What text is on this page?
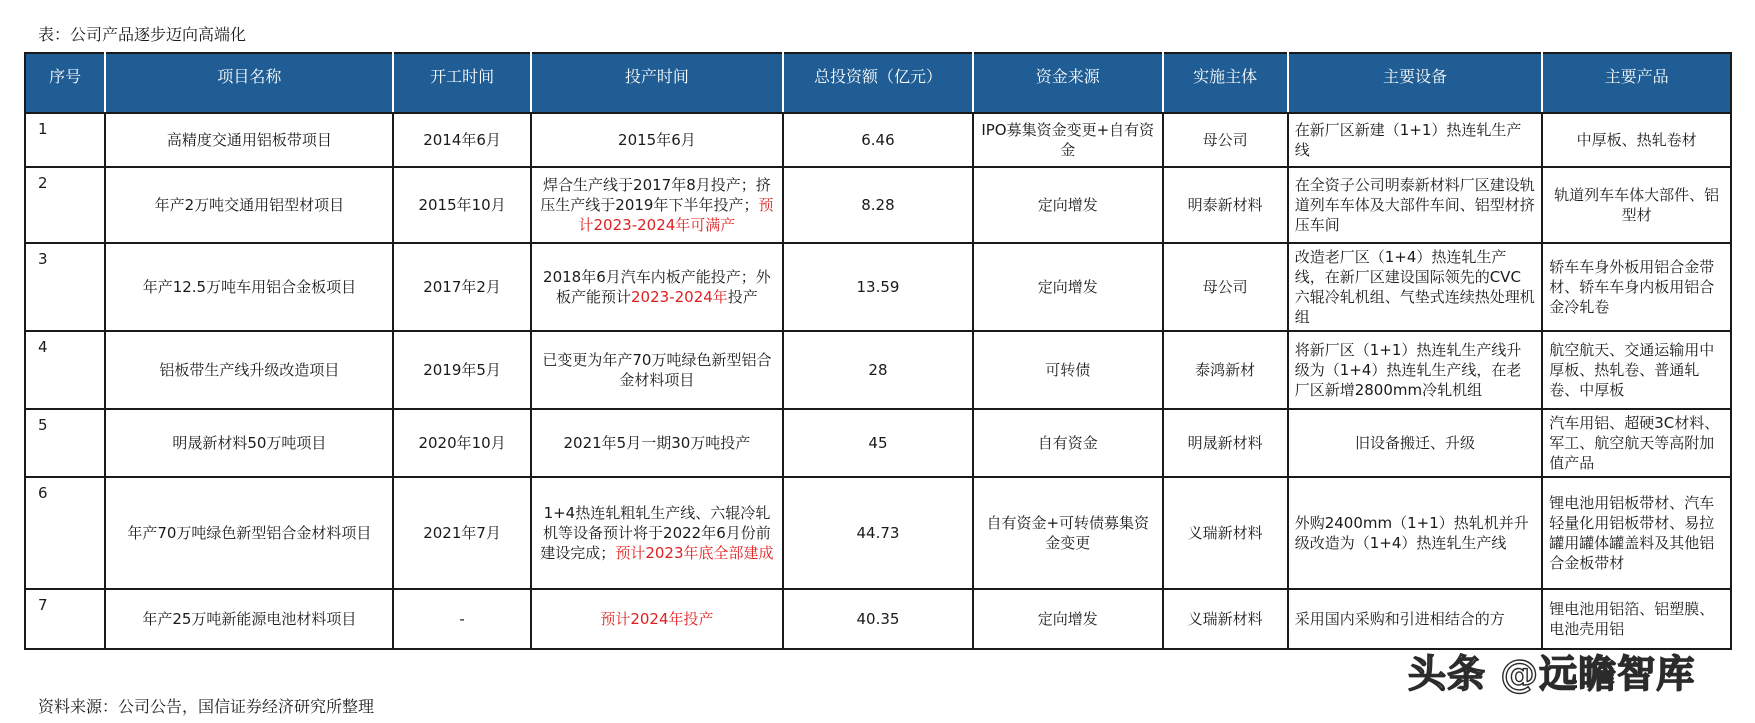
表：公司产品逐步迈向高端化
序号	项目名称	开工时间	投产时间	总投资额（亿元）	资金来源	实施主体	主要设备	主要产品
1	高精度交通用铝板带项目	2014年6月	2015年6月	6.46	IPO募集资金变更+自有资金	母公司	在新厂区新建（1+1）热连轧生产线	中厚板、热轧卷材
2	年产2万吨交通用铝型材项目	2015年10月	焊合生产线于2017年8月投产；挤压生产线于2019年下半年投产；预计2023-2024年可满产	8.28	定向增发	明泰新材料	在全资子公司明泰新材料厂区建设轨道列车车体及大部件车间、铝型材挤压车间	轨道列车车体大部件、铝型材
3	年产12.5万吨车用铝合金板项目	2017年2月	2018年6月汽车内板产能投产；外板产能预计2023-2024年投产	13.59	定向增发	母公司	改造老厂区（1+4）热连轧生产线，在新厂区建设国际领先的CVC六辊冷轧机组、气垫式连续热处理机组	轿车车身外板用铝合金带材、轿车车身内板用铝合金冷轧卷
4	铝板带生产线升级改造项目	2019年5月	已变更为年产70万吨绿色新型铝合金材料项目	28	可转债	泰鸿新材	将新厂区（1+1）热连轧生产线升级为（1+4）热连轧生产线，在老厂区新增2800mm冷轧机组	航空航天、交通运输用中厚板、热轧卷、普通轧卷、中厚板
5	明晟新材料50万吨项目	2020年10月	2021年5月一期30万吨投产	45	自有资金	明晟新材料	旧设备搬迁、升级	汽车用铝、超硬3C材料、军工、航空航天等高附加值产品
6	年产70万吨绿色新型铝合金材料项目	2021年7月	1+4热连轧粗轧生产线、六辊冷轧机等设备预计将于2022年6月份前建设完成；预计2023年底全部建成	44.73	自有资金+可转债募集资金变更	义瑞新材料	外购2400mm（1+1）热轧机并升级改造为（1+4）热连轧生产线	锂电池用铝板带材、汽车轻量化用铝板带材、易拉罐用罐体罐盖料及其他铝合金板带材
7	年产25万吨新能源电池材料项目	-	预计2024年投产	40.35	定向增发	义瑞新材料	采用国内采购和引进相结合的方	锂电池用铝箔、铝塑膜、电池壳用铝
资料来源：公司公告，国信证券经济研究所整理
头条 @远瞻智库
